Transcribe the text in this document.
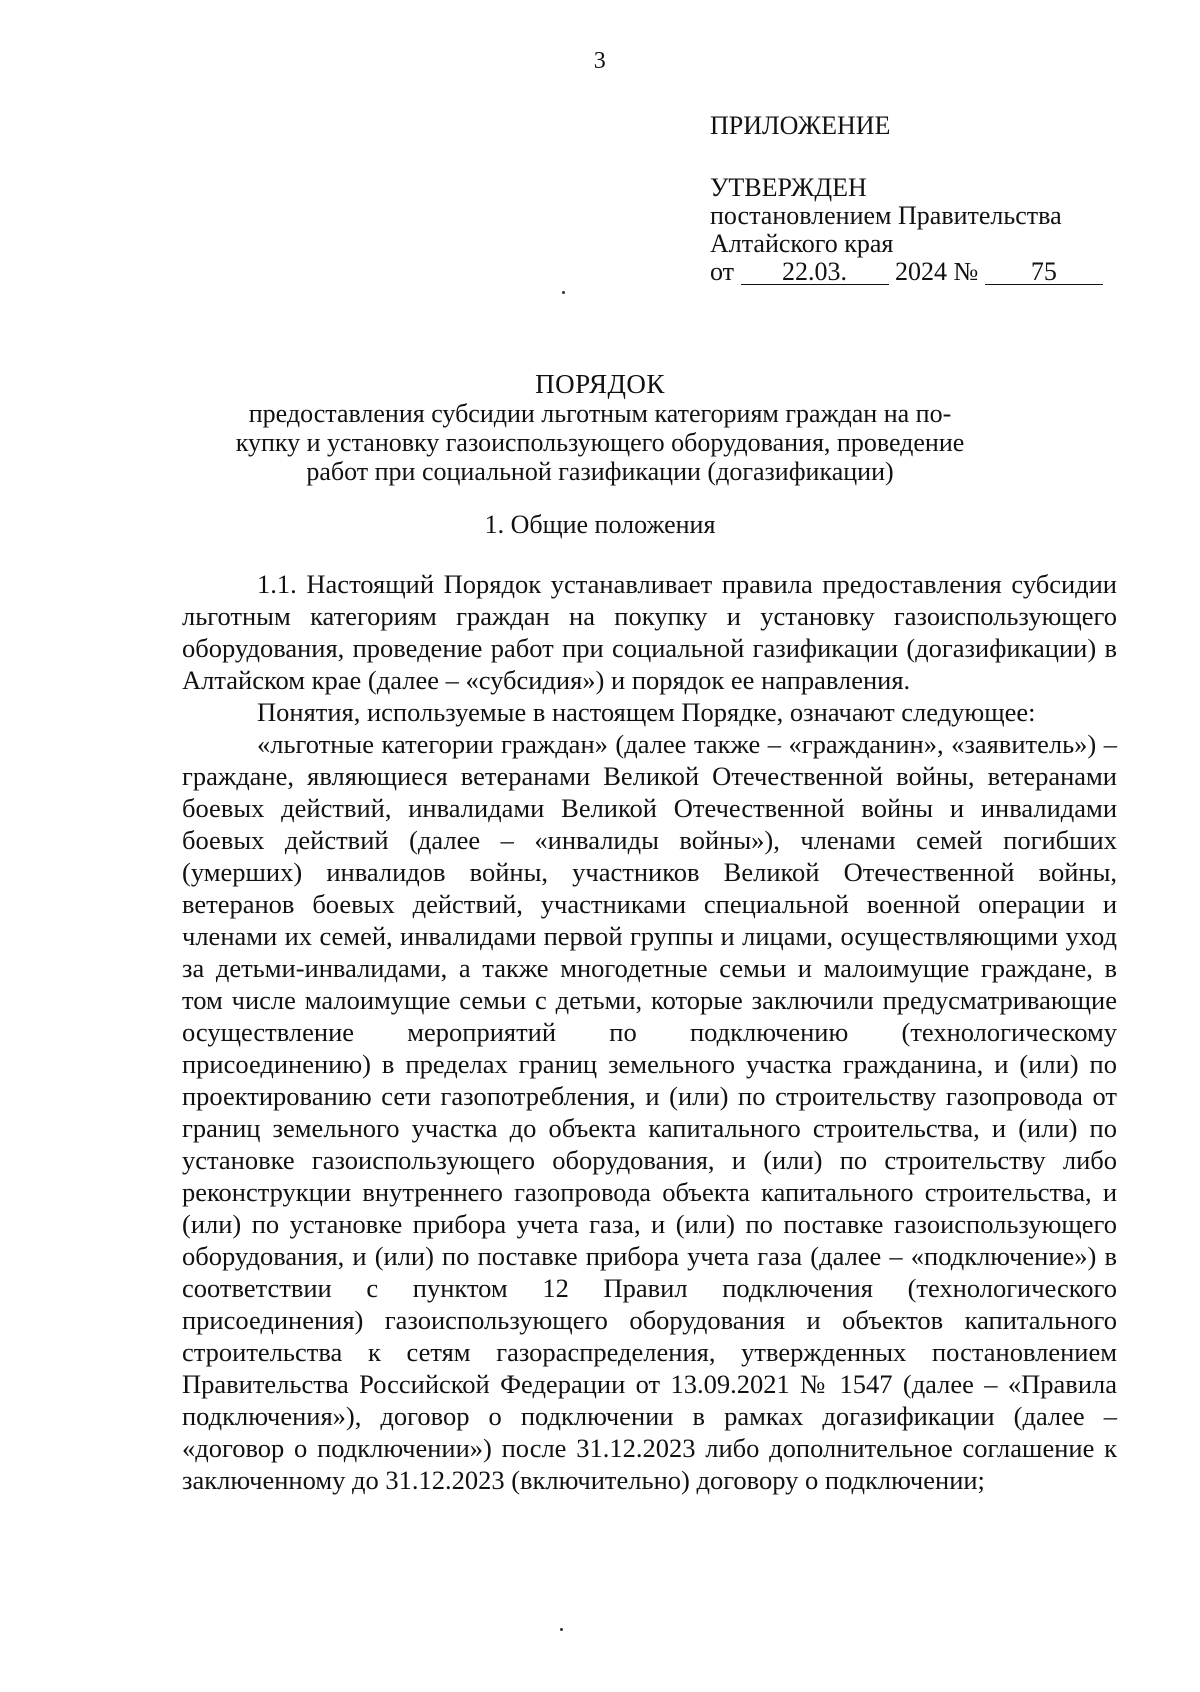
3
ПРИЛОЖЕНИЕ
УТВЕРЖДЕН
постановлением Правительства
Алтайского края
от 22.03. 2024 № 75
ПОРЯДОК
предоставления субсидии льготным категориям граждан на по-
купку и установку газоиспользующего оборудования, проведение
работ при социальной газификации (догазификации)
1. Общие положения

1.1. Настоящий Порядок устанавливает правила предоставления субсидии льготным категориям граждан на покупку и установку газоиспользующего оборудования, проведение работ при социальной газификации (догазификации) в Алтайском крае (далее – «субсидия») и порядок ее направления.

Понятия, используемые в настоящем Порядке, означают следующее:

«льготные категории граждан» (далее также – «гражданин», «заявитель») – граждане, являющиеся ветеранами Великой Отечественной войны, ветеранами боевых действий, инвалидами Великой Отечественной войны и инвалидами боевых действий (далее – «инвалиды войны»), членами семей погибших (умерших) инвалидов войны, участников Великой Отечественной войны, ветеранов боевых действий, участниками специальной военной операции и членами их семей, инвалидами первой группы и лицами, осуществляющими уход за детьми-инвалидами, а также многодетные семьи и малоимущие граждане, в том числе малоимущие семьи с детьми, которые заключили предусматривающие осуществление мероприятий по подключению (технологическому присоединению) в пределах границ земельного участка гражданина, и (или) по проектированию сети газопотребления, и (или) по строительству газопровода от границ земельного участка до объекта капитального строительства, и (или) по установке газоиспользующего оборудования, и (или) по строительству либо реконструкции внутреннего газопровода объекта капитального строительства, и (или) по установке прибора учета газа, и (или) по поставке газоиспользующего оборудования, и (или) по поставке прибора учета газа (далее – «подключение») в соответствии с пунктом 12 Правил подключения (технологического присоединения) газоиспользующего оборудования и объектов капитального строительства к сетям газораспределения, утвержденных постановлением Правительства Российской Федерации от 13.09.2021 № 1547 (далее – «Правила подключения»), договор о подключении в рамках догазификации (далее – «договор о подключении») после 31.12.2023 либо дополнительное соглашение к заключенному до 31.12.2023 (включительно) договору о подключении;
